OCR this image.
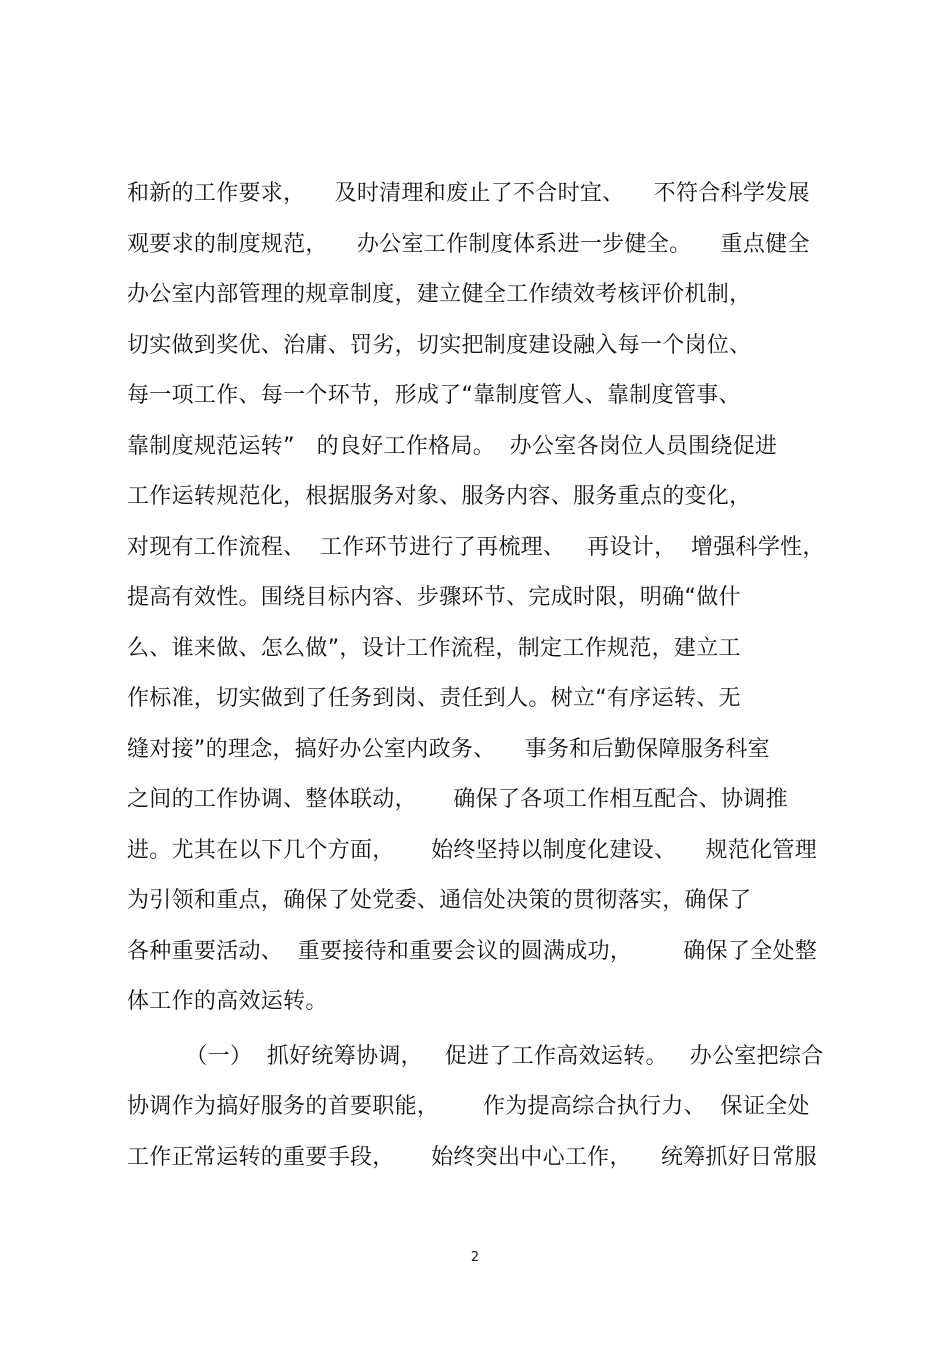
和新的工作要求，    及时清理和废止了不合时宜、    不符合科学发展
观要求的制度规范，    办公室工作制度体系进一步健全。    重点健全
办公室内部管理的规章制度，建立健全工作绩效考核评价机制，
切实做到奖优、治庸、罚劣，切实把制度建设融入每一个岗位、
每一项工作、每一个环节，形成了“靠制度管人、靠制度管事、
靠制度规范运转”   的良好工作格局。  办公室各岗位人员围绕促进
工作运转规范化，根据服务对象、服务内容、服务重点的变化，
对现有工作流程、  工作环节进行了再梳理、   再设计，  增强科学性，
提高有效性。围绕目标内容、步骤环节、完成时限，明确“做什
么、谁来做、怎么做”，设计工作流程，制定工作规范，建立工
作标准，切实做到了任务到岗、责任到人。树立“有序运转、无
缝对接”的理念，搞好办公室内政务、    事务和后勤保障服务科室
之间的工作协调、整体联动，     确保了各项工作相互配合、协调推
进。尤其在以下几个方面，     始终坚持以制度化建设、    规范化管理
为引领和重点，确保了处党委、通信处决策的贯彻落实，确保了
各种重要活动、  重要接待和重要会议的圆满成功，       确保了全处整
体工作的高效运转。
（一）  抓好统筹协调，   促进了工作高效运转。   办公室把综合
协调作为搞好服务的首要职能，      作为提高综合执行力、  保证全处
工作正常运转的重要手段，     始终突出中心工作，    统筹抓好日常服
2
